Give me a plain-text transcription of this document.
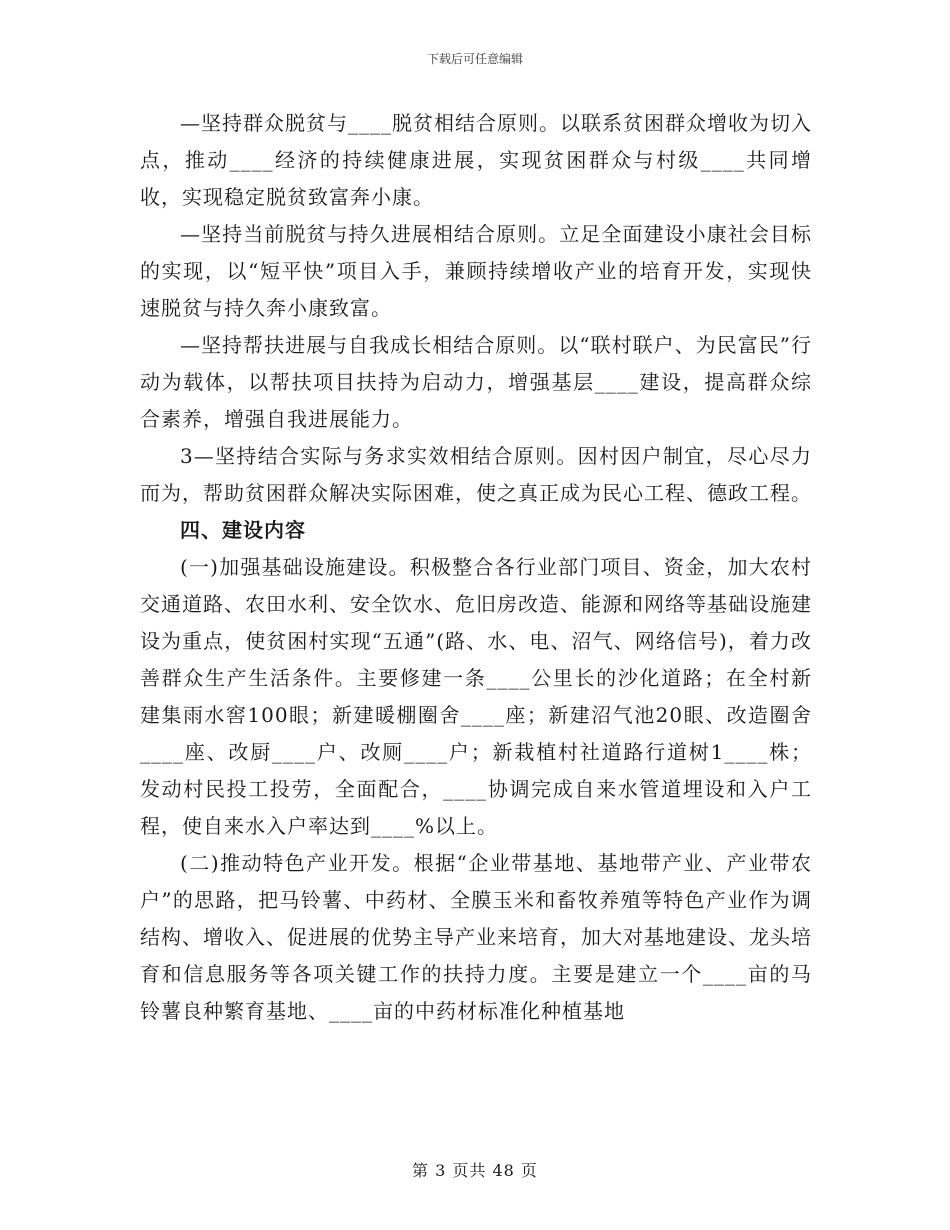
下载后可任意编辑

—坚持群众脱贫与____脱贫相结合原则。以联系贫困群众增收为切入点，推动____经济的持续健康进展，实现贫困群众与村级____共同增收，实现稳定脱贫致富奔小康。

—坚持当前脱贫与持久进展相结合原则。立足全面建设小康社会目标的实现，以“短平快”项目入手，兼顾持续增收产业的培育开发，实现快速脱贫与持久奔小康致富。

—坚持帮扶进展与自我成长相结合原则。以“联村联户、为民富民”行动为载体，以帮扶项目扶持为启动力，增强基层____建设，提高群众综合素养，增强自我进展能力。

3—坚持结合实际与务求实效相结合原则。因村因户制宜，尽心尽力而为，帮助贫困群众解决实际困难，使之真正成为民心工程、德政工程。

四、建设内容

(一)加强基础设施建设。积极整合各行业部门项目、资金，加大农村交通道路、农田水利、安全饮水、危旧房改造、能源和网络等基础设施建设为重点，使贫困村实现“五通”(路、水、电、沼气、网络信号)，着力改善群众生产生活条件。主要修建一条____公里长的沙化道路；在全村新建集雨水窖100眼；新建暖棚圈舍____座；新建沼气池20眼、改造圈舍____座、改厨____户、改厕____户；新栽植村社道路行道树1____株；发动村民投工投劳，全面配合，____协调完成自来水管道埋设和入户工程，使自来水入户率达到____%以上。

(二)推动特色产业开发。根据“企业带基地、基地带产业、产业带农户”的思路，把马铃薯、中药材、全膜玉米和畜牧养殖等特色产业作为调结构、增收入、促进展的优势主导产业来培育，加大对基地建设、龙头培育和信息服务等各项关键工作的扶持力度。主要是建立一个____亩的马铃薯良种繁育基地、____亩的中药材标准化种植基地

第 3 页共 48 页
